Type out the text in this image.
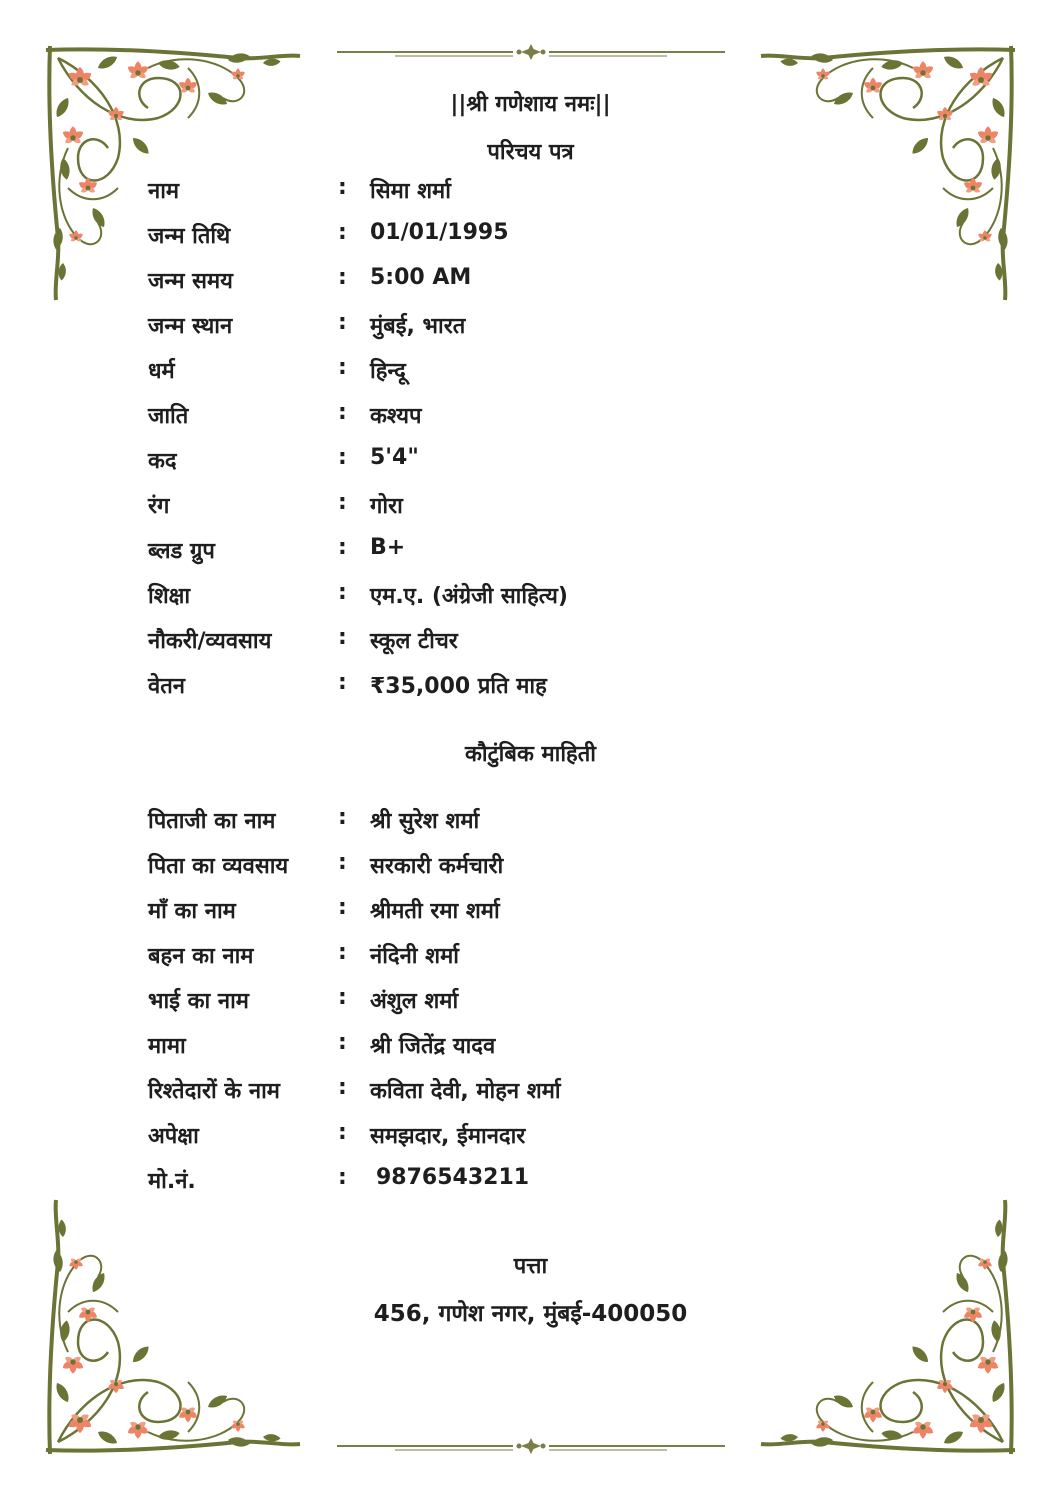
||श्री गणेशाय नमः||
परिचय पत्र
नाम	: सिमा शर्मा
जन्म तिथि	: 01/01/1995
जन्म समय	: 5:00 AM
जन्म स्थान	: मुंबई, भारत
धर्म	: हिन्दू
जाति	: कश्यप
कद	: 5'4"
रंग	: गोरा
ब्लड ग्रुप	: B+
शिक्षा	: एम.ए. (अंग्रेजी साहित्य)
नौकरी/व्यवसाय	: स्कूल टीचर
वेतन	: ₹35,000 प्रति माह
कौटुंबिक माहिती
पिताजी का नाम	: श्री सुरेश शर्मा
पिता का व्यवसाय : सरकारी कर्मचारी
माँ का नाम	: श्रीमती रमा शर्मा
बहन का नाम	: नंदिनी शर्मा
भाई का नाम	: अंशुल शर्मा
मामा	: श्री जितेंद्र यादव
रिश्तेदारों के नाम	: कविता देवी, मोहन शर्मा
अपेक्षा	: समझदार, ईमानदार
मो.नं.	: 9876543211
पत्ता
456, गणेश नगर, मुंबई-400050
